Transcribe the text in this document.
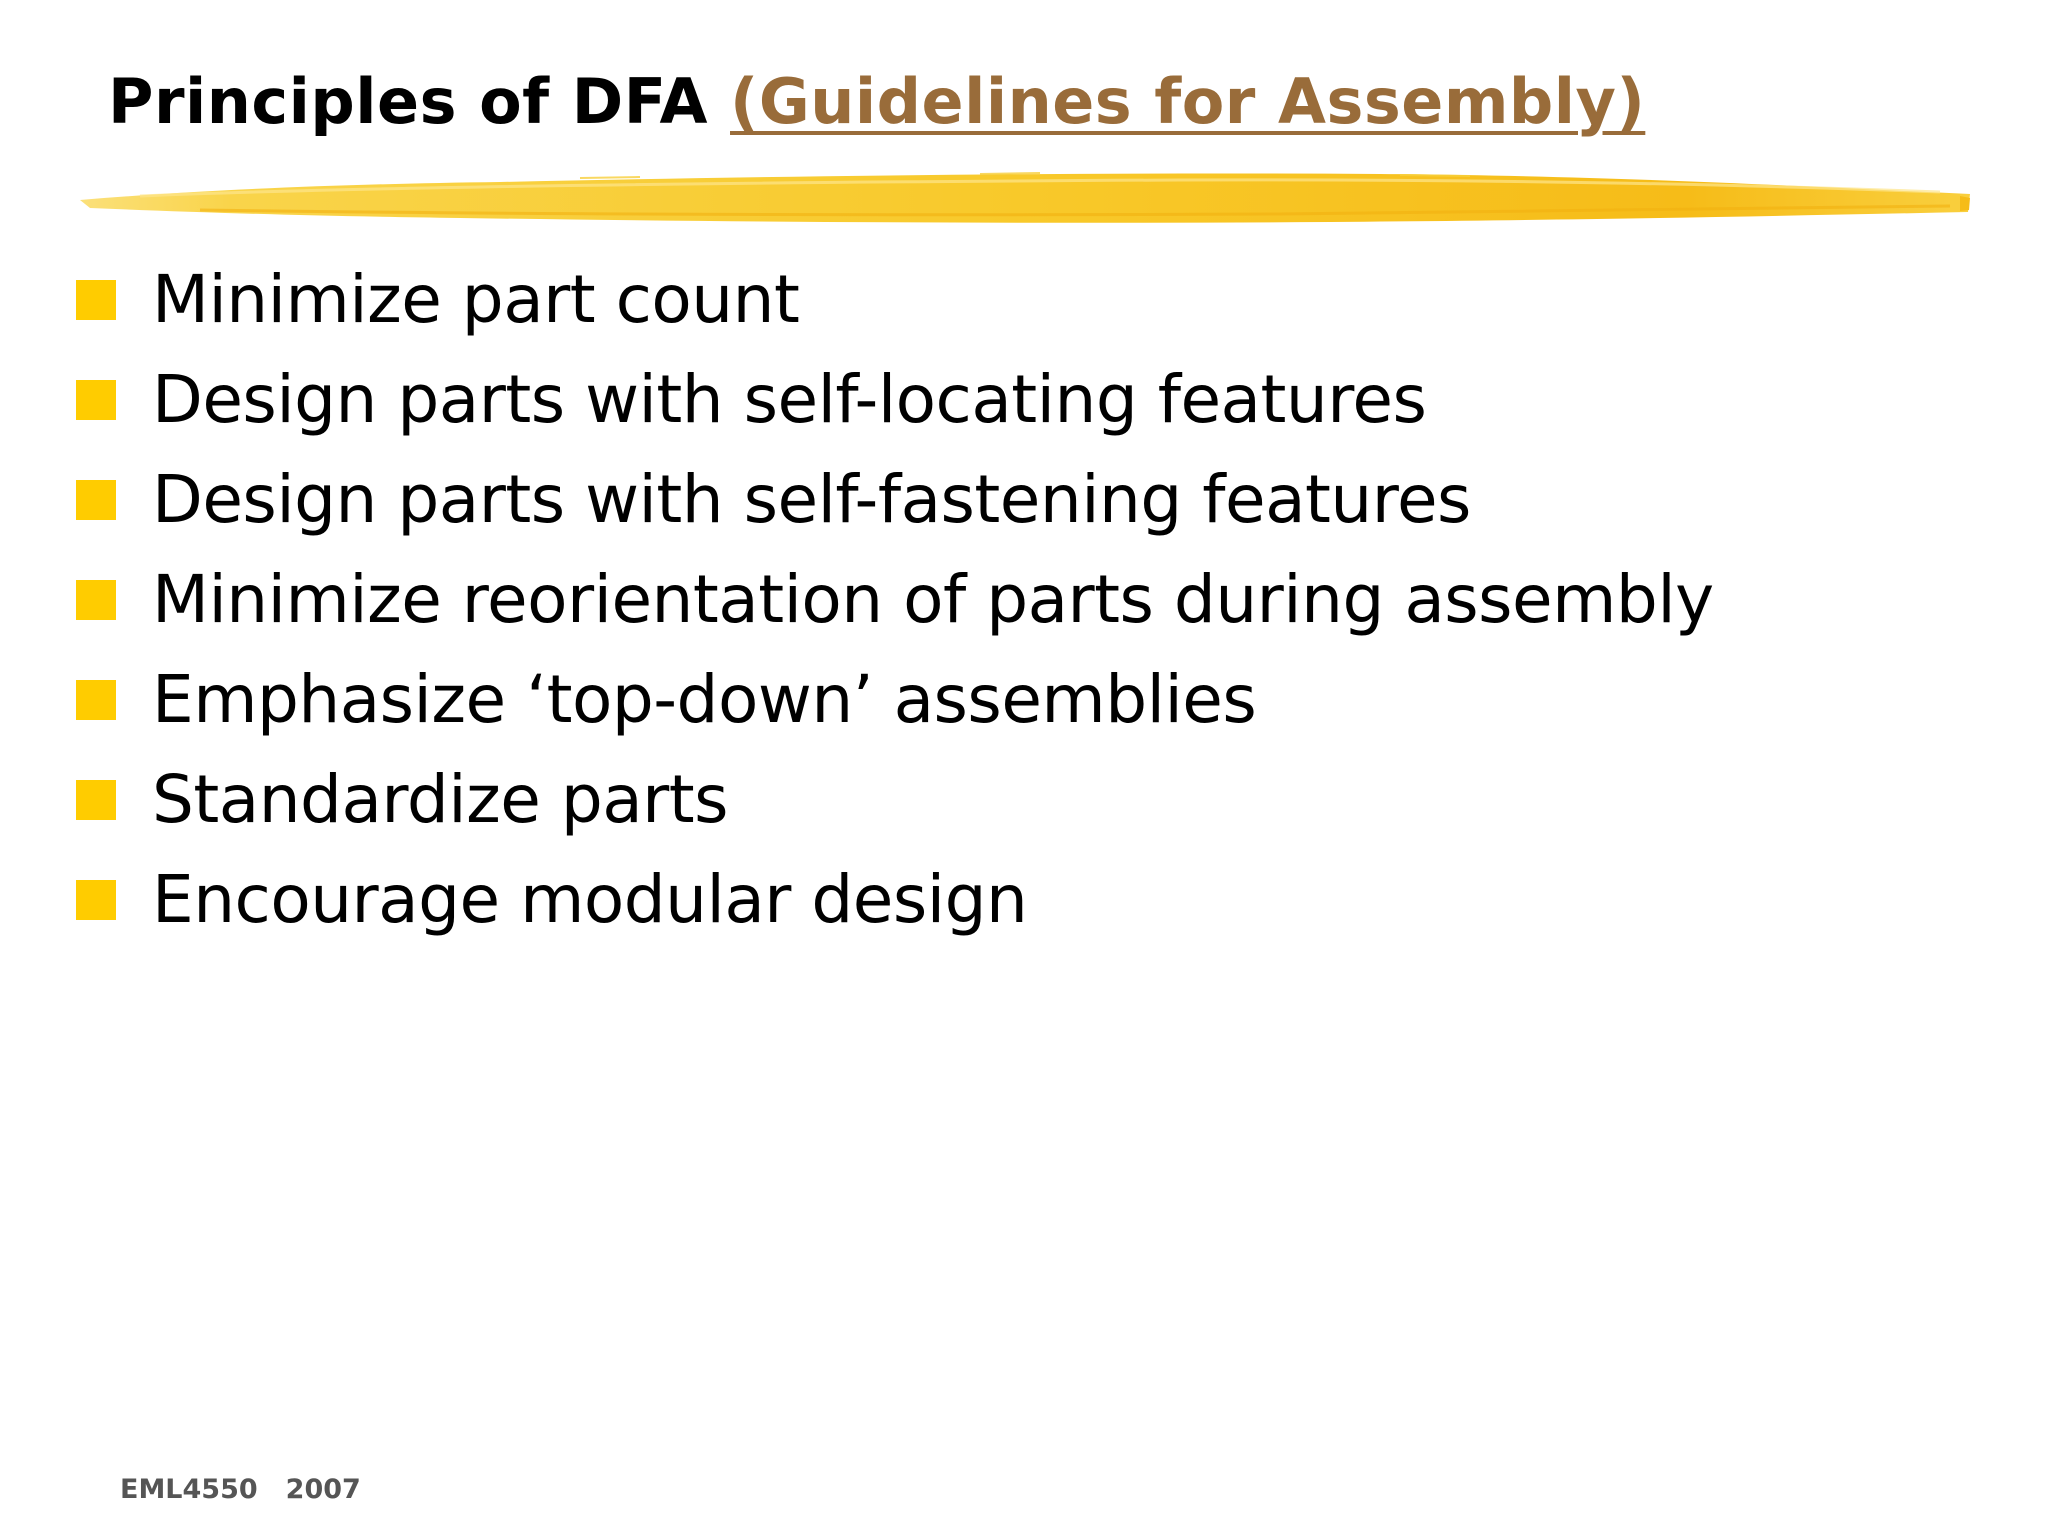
Principles of DFA (Guidelines for Assembly)
Minimize part count
Design parts with self-locating features
Design parts with self-fastening features
Minimize reorientation of parts during assembly
Emphasize ‘top-down’ assemblies
Standardize parts
Encourage modular design
EML4550 2007
